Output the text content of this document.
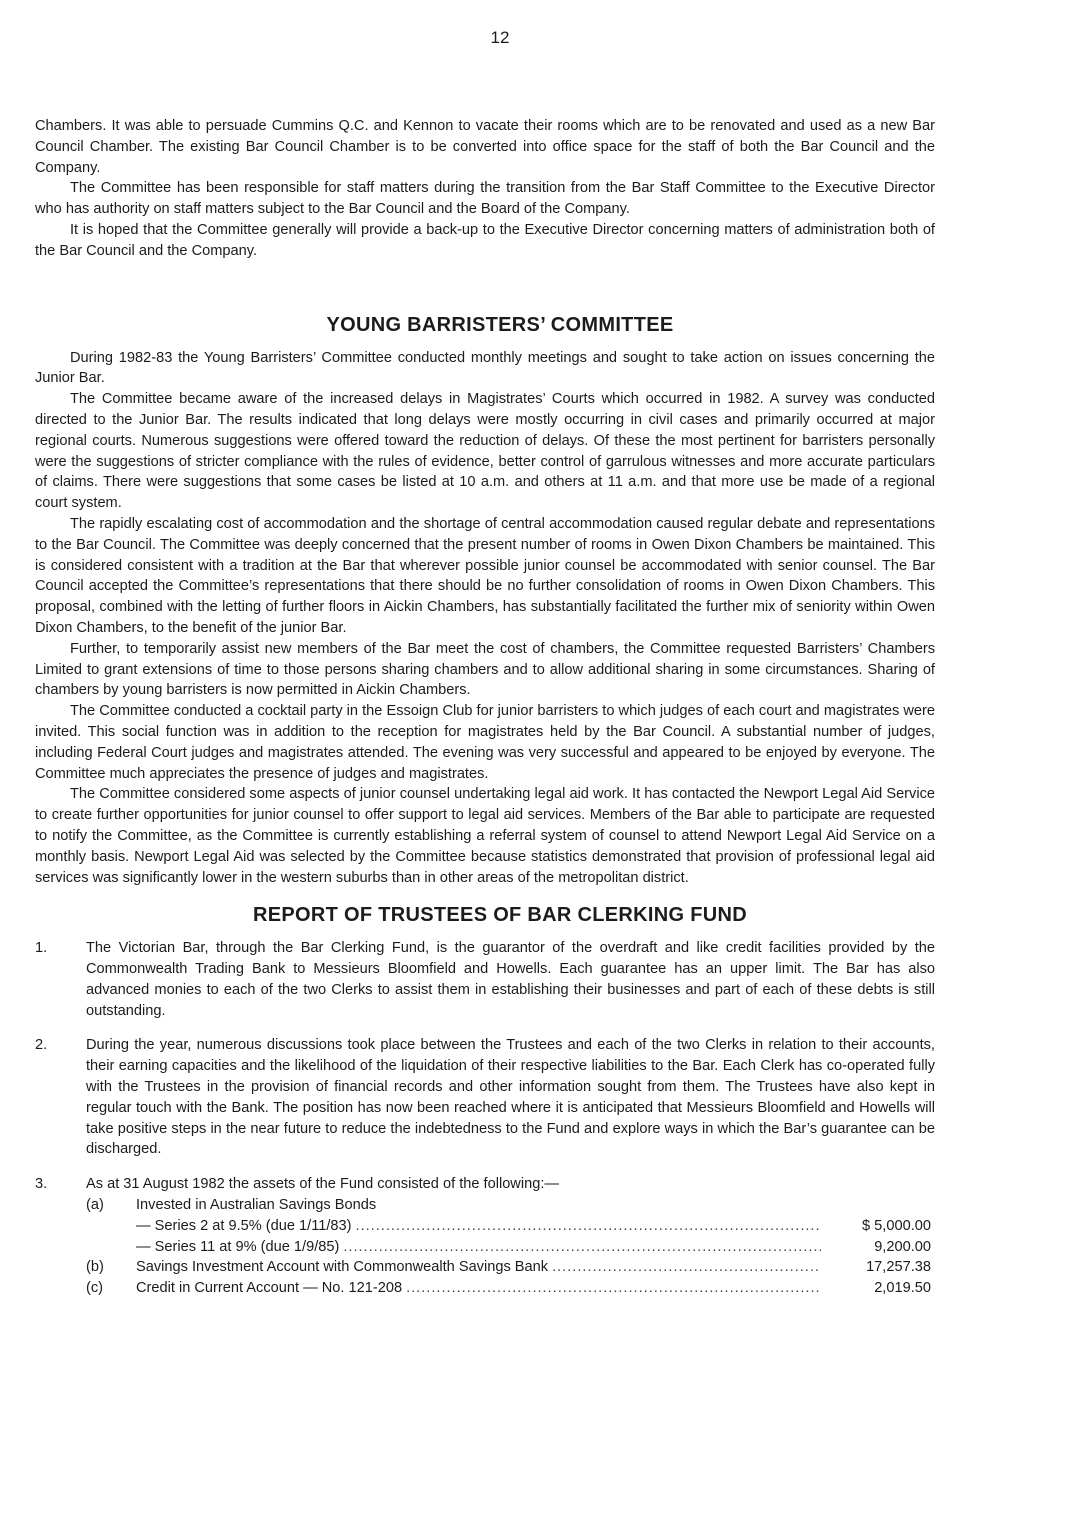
12

Chambers. It was able to persuade Cummins Q.C. and Kennon to vacate their rooms which are to be renovated and used as a new Bar Council Chamber. The existing Bar Council Chamber is to be converted into office space for the staff of both the Bar Council and the Company.

The Committee has been responsible for staff matters during the transition from the Bar Staff Committee to the Executive Director who has authority on staff matters subject to the Bar Council and the Board of the Company.

It is hoped that the Committee generally will provide a back-up to the Executive Director concerning matters of administration both of the Bar Council and the Company.

YOUNG BARRISTERS’ COMMITTEE

During 1982-83 the Young Barristers’ Committee conducted monthly meetings and sought to take action on issues concerning the Junior Bar.

The Committee became aware of the increased delays in Magistrates’ Courts which occurred in 1982. A survey was conducted directed to the Junior Bar. The results indicated that long delays were mostly occurring in civil cases and primarily occurred at major regional courts. Numerous suggestions were offered toward the reduction of delays. Of these the most pertinent for barristers personally were the suggestions of stricter compliance with the rules of evidence, better control of garrulous witnesses and more accurate particulars of claims. There were suggestions that some cases be listed at 10 a.m. and others at 11 a.m. and that more use be made of a regional court system.

The rapidly escalating cost of accommodation and the shortage of central accommodation caused regular debate and representations to the Bar Council. The Committee was deeply concerned that the present number of rooms in Owen Dixon Chambers be maintained. This is considered consistent with a tradition at the Bar that wherever possible junior counsel be accommodated with senior counsel. The Bar Council accepted the Committee’s representations that there should be no further consolidation of rooms in Owen Dixon Chambers. This proposal, combined with the letting of further floors in Aickin Chambers, has substantially facilitated the further mix of seniority within Owen Dixon Chambers, to the benefit of the junior Bar.

Further, to temporarily assist new members of the Bar meet the cost of chambers, the Committee requested Barristers’ Chambers Limited to grant extensions of time to those persons sharing chambers and to allow additional sharing in some circumstances. Sharing of chambers by young barristers is now permitted in Aickin Chambers.

The Committee conducted a cocktail party in the Essoign Club for junior barristers to which judges of each court and magistrates were invited. This social function was in addition to the reception for magistrates held by the Bar Council. A substantial number of judges, including Federal Court judges and magistrates attended. The evening was very successful and appeared to be enjoyed by everyone. The Committee much appreciates the presence of judges and magistrates.

The Committee considered some aspects of junior counsel undertaking legal aid work. It has contacted the Newport Legal Aid Service to create further opportunities for junior counsel to offer support to legal aid services. Members of the Bar able to participate are requested to notify the Committee, as the Committee is currently establishing a referral system of counsel to attend Newport Legal Aid Service on a monthly basis. Newport Legal Aid was selected by the Committee because statistics demonstrated that provision of professional legal aid services was significantly lower in the western suburbs than in other areas of the metropolitan district.

REPORT OF TRUSTEES OF BAR CLERKING FUND
1.	The Victorian Bar, through the Bar Clerking Fund, is the guarantor of the overdraft and like credit facilities provided by the Commonwealth Trading Bank to Messieurs Bloomfield and Howells. Each guarantee has an upper limit. The Bar has also advanced monies to each of the two Clerks to assist them in establishing their businesses and part of each of these debts is still outstanding.

2.	During the year, numerous discussions took place between the Trustees and each of the two Clerks in relation to their accounts, their earning capacities and the likelihood of the liquidation of their respective liabilities to the Bar. Each Clerk has co-operated fully with the Trustees in the provision of financial records and other information sought from them. The Trustees have also kept in regular touch with the Bank. The position has now been reached where it is anticipated that Messieurs Bloomfield and Howells will take positive steps in the near future to reduce the indebtedness to the Fund and explore ways in which the Bar’s guarantee can be discharged.

3.	As at 31 August 1982 the assets of the Fund consisted of the following:—

(a)	Invested in Australian Savings Bonds
— Series 2 at 9.5% (due 1/11/83) .....	$ 5,000.00
— Series 11 at 9% (due 1/9/85) .....	9,200.00
(b)	Savings Investment Account with Commonwealth Savings Bank .....	17,257.38
(c)	Credit in Current Account — No. 121-208 .....	2,019.50
